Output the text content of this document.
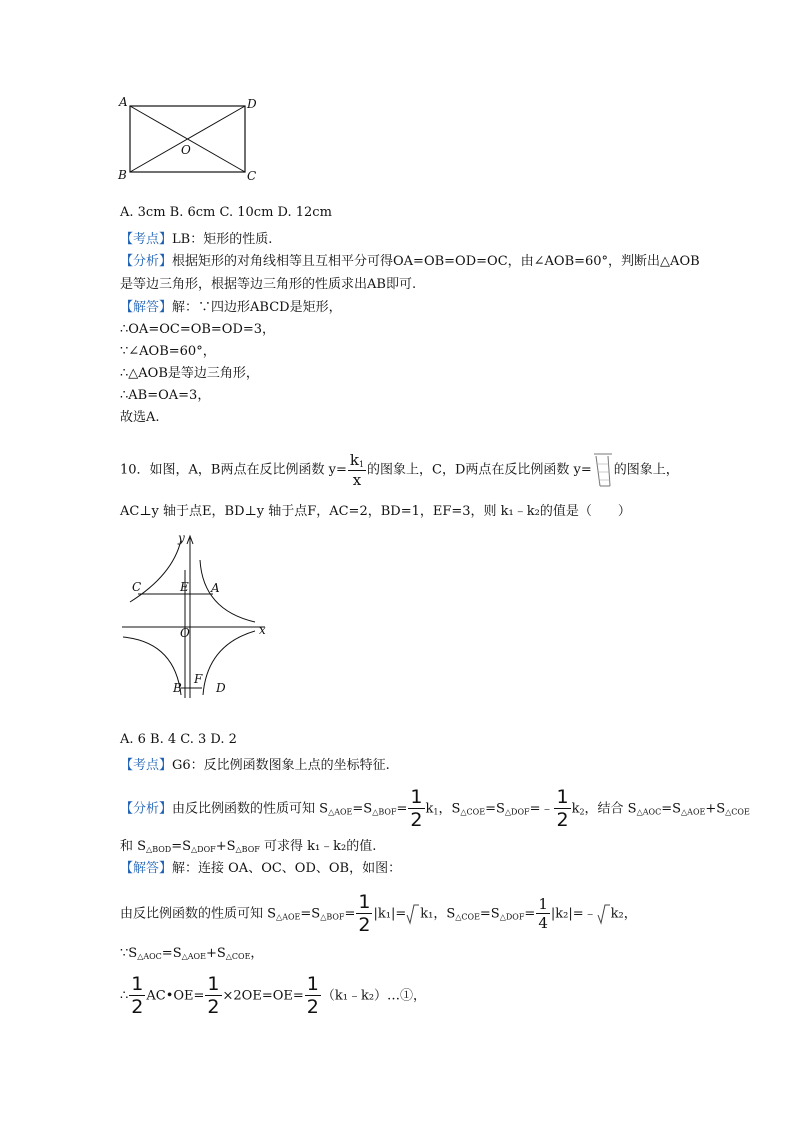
A	D
O
B	C
A. 3cm B. 6cm C. 10cm D. 12cm
【考点】LB：矩形的性质.
【分析】根据矩形的对角线相等且互相平分可得OA=OB=OD=OC，由∠AOB=60°，判断出△AOB
是等边三角形，根据等边三角形的性质求出AB即可.
【解答】解：∵四边形ABCD是矩形，
∴OA=OC=OB=OD=3，
∵∠AOB=60°，
∴△AOB是等边三角形，
∴AB=OA=3，
故选A.
10．如图，A，B两点在反比例函数 $y= \frac{k_1}{x}$ 的图象上，C，D两点在反比例函数 y= 的图象上，
AC⊥y 轴于点E，BD⊥y 轴于点F，AC=2，BD=1，EF=3，则 k₁﹣k₂的值是（　　）
y
x
C	E A
O
B
F
D
A. 6 B. 4 C. 3 D. 2
【考点】G6：反比例函数图象上点的坐标特征.
【分析】由反比例函数的性质可知 $S_{\triangle AOE}=S_{\triangle BOF}= \frac{1}{2} k_1$，$S_{\triangle COE}=S_{\triangle DOF}=﹣ \frac{1}{2} k_2$，结合 $S_{\triangle AOC}=S_{\triangle AOE}+S_{\triangle COE}$
和 $S_{\triangle BOD}=S_{\triangle DOF}+S_{\triangle BOF}$ 可求得 k₁﹣k₂的值.
【解答】解：连接 OA、OC、OD、OB，如图：
由反比例函数的性质可知 $S_{\triangle AOE}=S_{\triangle BOF}= \frac{1}{2} |k_1|= k_1$，$S_{\triangle COE}=S_{\triangle DOF}= \frac{1}{4}$ |k₂|=﹣ k₂，
$\because S_{\triangle AOC}=S_{\triangle AOE}+S_{\triangle COE}$，
∴ $\frac{1}{2}$ AC•OE= $\frac{1}{2} \times 2OE=OE= \frac{1}{2}$ （k₁﹣k₂）…①，
